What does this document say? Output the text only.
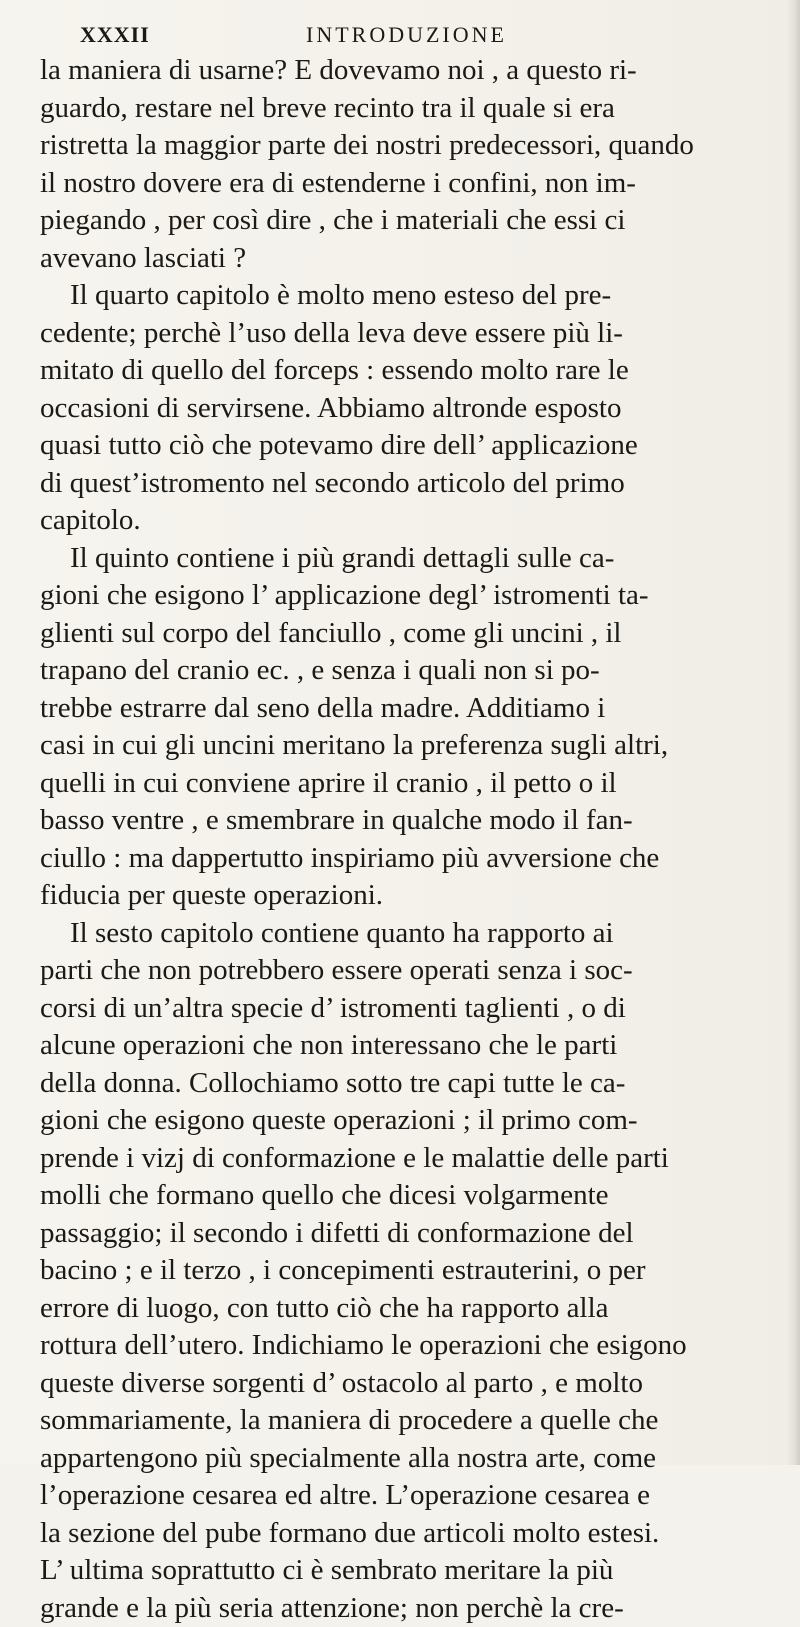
XXXII	INTRODUZIONE
la maniera di usarne? E dovevamo noi , a questo ri-
guardo, restare nel breve recinto tra il quale si era
ristretta la maggior parte dei nostri predecessori, quando
il nostro dovere era di estenderne i confini, non im-
piegando , per così dire , che i materiali che essi ci
avevano lasciati ?
Il quarto capitolo è molto meno esteso del pre-
cedente; perchè l’uso della leva deve essere più li-
mitato di quello del forceps : essendo molto rare le
occasioni di servirsene. Abbiamo altronde esposto
quasi tutto ciò che potevamo dire dell’ applicazione
di quest’istromento nel secondo articolo del primo
capitolo.
Il quinto contiene i più grandi dettagli sulle ca-
gioni che esigono l’ applicazione degl’ istromenti ta-
glienti sul corpo del fanciullo , come gli uncini , il
trapano del cranio ec. , e senza i quali non si po-
trebbe estrarre dal seno della madre. Additiamo i
casi in cui gli uncini meritano la preferenza sugli altri,
quelli in cui conviene aprire il cranio , il petto o il
basso ventre , e smembrare in qualche modo il fan-
ciullo : ma dappertutto inspiriamo più avversione che
fiducia per queste operazioni.
Il sesto capitolo contiene quanto ha rapporto ai
parti che non potrebbero essere operati senza i soc-
corsi di un’altra specie d’ istromenti taglienti , o di
alcune operazioni che non interessano che le parti
della donna. Collochiamo sotto tre capi tutte le ca-
gioni che esigono queste operazioni ; il primo com-
prende i vizj di conformazione e le malattie delle parti
molli che formano quello che dicesi volgarmente
passaggio; il secondo i difetti di conformazione del
bacino ; e il terzo , i concepimenti estrauterini, o per
errore di luogo, con tutto ciò che ha rapporto alla
rottura dell’utero. Indichiamo le operazioni che esigono
queste diverse sorgenti d’ ostacolo al parto , e molto
sommariamente, la maniera di procedere a quelle che
appartengono più specialmente alla nostra arte, come
l’operazione cesarea ed altre. L’operazione cesarea e
la sezione del pube formano due articoli molto estesi.
L’ ultima soprattutto ci è sembrato meritare la più
grande e la più seria attenzione; non perchè la cre-
